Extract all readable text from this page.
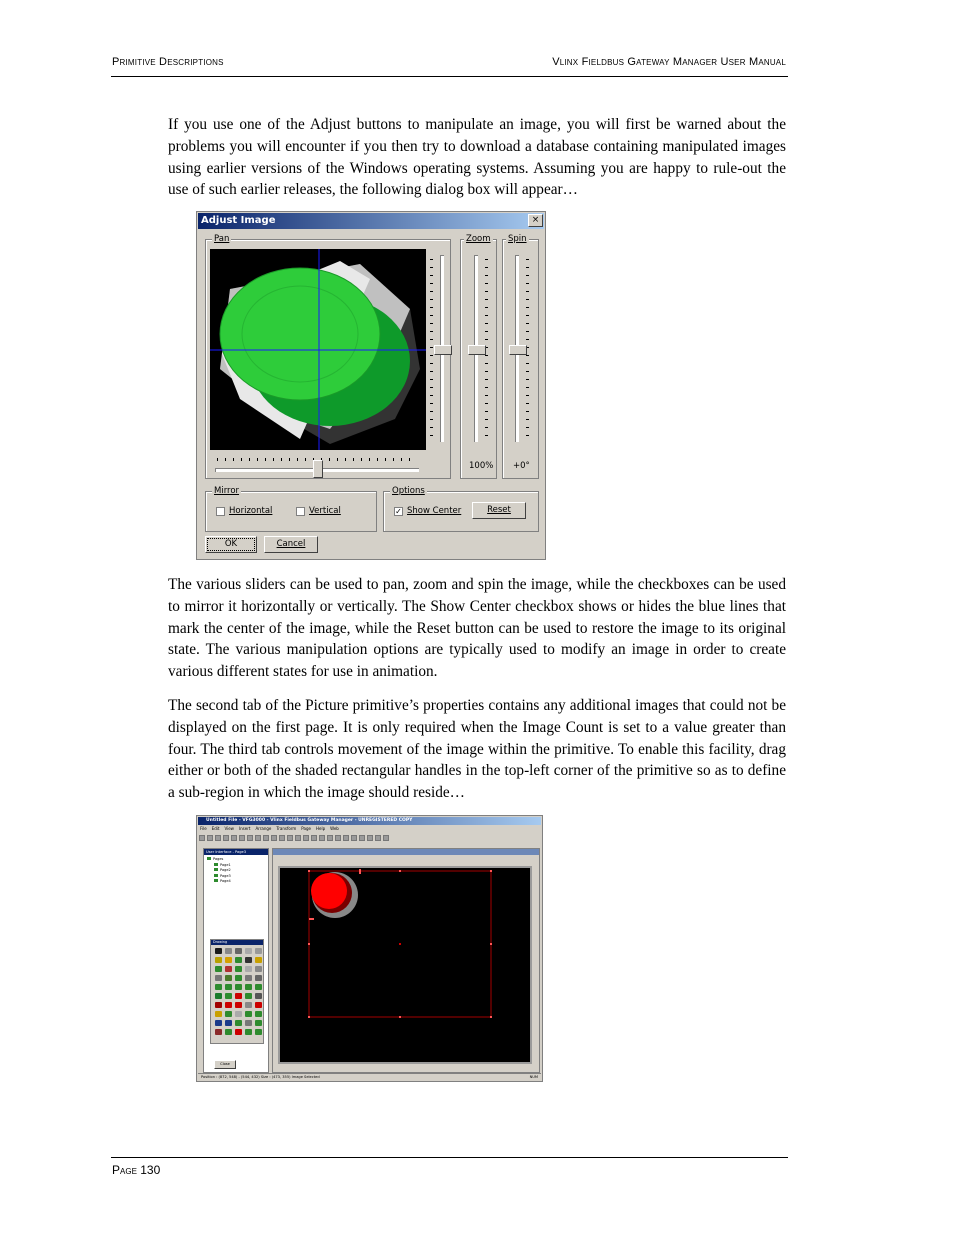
Primitive Descriptions	Vlinx Fieldbus Gateway Manager User Manual
If you use one of the Adjust buttons to manipulate an image, you will first be warned about the problems you will encounter if you then try to download a database containing manipulated images using earlier versions of the Windows operating systems. Assuming you are happy to rule-out the use of such earlier releases, the following dialog box will appear…
Adjust Image	×
Pan	Zoom
100%
Spin
+0°
Mirror
Horizontal	Vertical
Options
✓ Show Center	Reset
OK	Cancel
The various sliders can be used to pan, zoom and spin the image, while the checkboxes can be used to mirror it horizontally or vertically. The Show Center checkbox shows or hides the blue lines that mark the center of the image, while the Reset button can be used to restore the image to its original state. The various manipulation options are typically used to modify an image in order to create various different states for use in animation.
The second tab of the Picture primitive’s properties contains any additional images that could not be displayed on the first page. It is only required when the Image Count is set to a value greater than four. The third tab controls movement of the image within the primitive. To enable this facility, drag either or both of the shaded rectangular handles in the top-left corner of the primitive so as to define a sub-region in which the image should reside…
Untitled File - VFG3000 - Vlinx Fieldbus Gateway Manager - UNREGISTERED COPY
File Edit View Insert Arrange Transform Page Help Web
User Interface - Page3
Pages
Page1
Page2
Page3
Page4
Drawing
Close
Position : (872, 548) - (544, 432) Size : (473, 355) Image Selected	NUM
Page 130
